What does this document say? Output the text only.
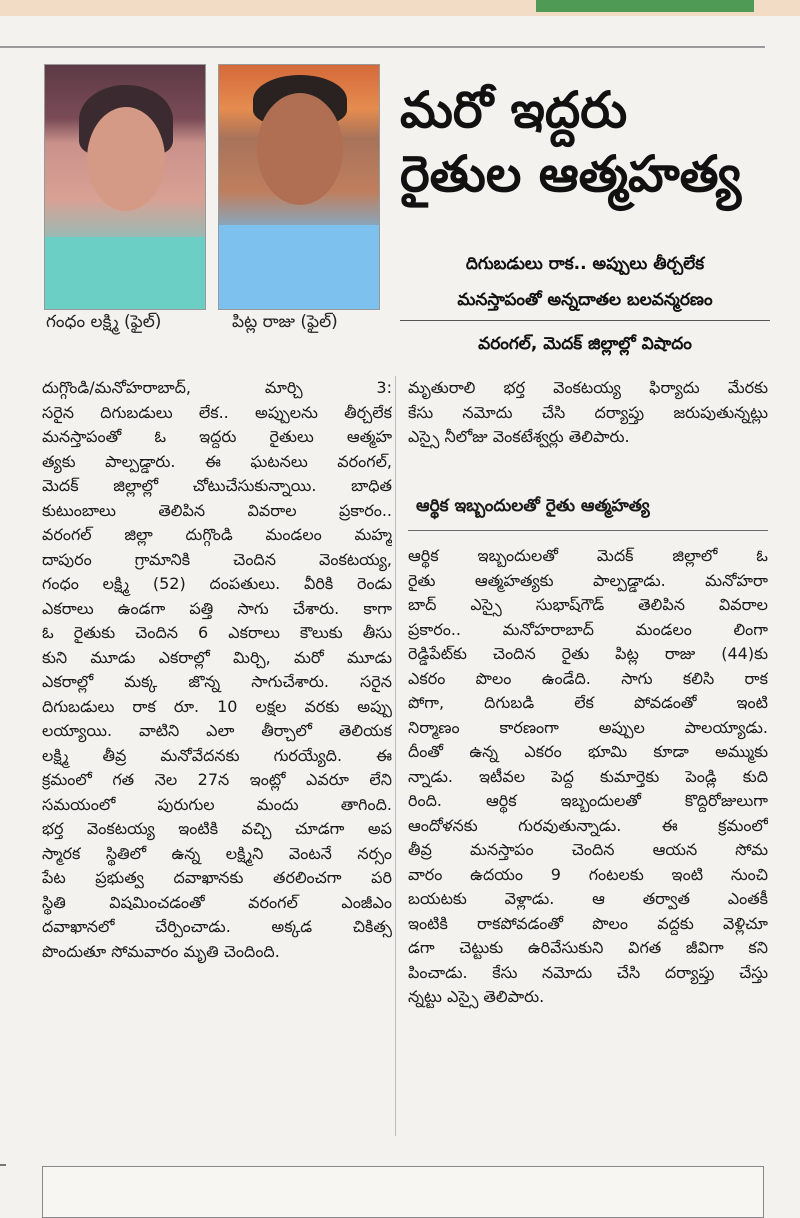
గంధం లక్ష్మి (ఫైల్)	పిట్ల రాజు (ఫైల్)
మరో ఇద్దరు
రైతుల ఆత్మహత్య
దిగుబడులు రాక.. అప్పులు తీర్చలేక
మనస్తాపంతో అన్నదాతల బలవన్మరణం
వరంగల్, మెదక్ జిల్లాల్లో విషాదం
దుగ్గొండి/మనోహరాబాద్, మార్చి 3:
సరైన దిగుబడులు లేక.. అప్పులను తీర్చలేక
మనస్తాపంతో ఓ ఇద్దరు రైతులు ఆత్మహ
త్యకు పాల్పడ్డారు. ఈ ఘటనలు వరంగల్,
మెదక్ జిల్లాల్లో చోటుచేసుకున్నాయి. బాధిత
కుటుంబాలు తెలిపిన వివరాల ప్రకారం..
వరంగల్ జిల్లా దుగ్గొండి మండలం మహ్మ
దాపురం గ్రామానికి చెందిన వెంకటయ్య,
గంధం లక్ష్మి (52) దంపతులు. వీరికి రెండు
ఎకరాలు ఉండగా పత్తి సాగు చేశారు. కాగా
ఓ రైతుకు చెందిన 6 ఎకరాలు కౌలుకు తీసు
కుని మూడు ఎకరాల్లో మిర్చి, మరో మూడు
ఎకరాల్లో మక్క జొన్న సాగుచేశారు. సరైన
దిగుబడులు రాక రూ. 10 లక్షల వరకు అప్పు
లయ్యాయి. వాటిని ఎలా తీర్చాలో తెలియక
లక్ష్మి తీవ్ర మనోవేదనకు గురయ్యేది. ఈ
క్రమంలో గత నెల 27న ఇంట్లో ఎవరూ లేని
సమయంలో పురుగుల మందు తాగింది.
భర్త వెంకటయ్య ఇంటికి వచ్చి చూడగా అప
స్మారక స్థితిలో ఉన్న లక్ష్మిని వెంటనే నర్సం
పేట ప్రభుత్వ దవాఖానకు తరలించగా పరి
స్థితి విషమించడంతో వరంగల్ ఎంజీఎం
దవాఖానలో చేర్పించాడు. అక్కడ చికిత్స
పొందుతూ సోమవారం మృతి చెందింది.
మృతురాలి భర్త వెంకటయ్య ఫిర్యాదు మేరకు
కేసు నమోదు చేసి దర్యాప్తు జరుపుతున్నట్లు
ఎస్సై నీలోజు వెంకటేశ్వర్లు తెలిపారు.
ఆర్థిక ఇబ్బందులతో రైతు ఆత్మహత్య
ఆర్థిక ఇబ్బందులతో మెదక్ జిల్లాలో ఓ
రైతు ఆత్మహత్యకు పాల్పడ్డాడు. మనోహరా
బాద్ ఎస్సై సుభాష్‌గౌడ్ తెలిపిన వివరాల
ప్రకారం.. మనోహరాబాద్ మండలం లింగా
రెడ్డిపేట్‌కు చెందిన రైతు పిట్ల రాజు (44)కు
ఎకరం పొలం ఉండేది. సాగు కలిసి రాక
పోగా, దిగుబడి లేక పోవడంతో ఇంటి
నిర్మాణం కారణంగా అప్పుల పాలయ్యాడు.
దీంతో ఉన్న ఎకరం భూమి కూడా అమ్ముకు
న్నాడు. ఇటీవల పెద్ద కుమార్తెకు పెండ్లి కుది
రింది. ఆర్థిక ఇబ్బందులతో కొద్దిరోజులుగా
ఆందోళనకు గురవుతున్నాడు. ఈ క్రమంలో
తీవ్ర మనస్తాపం చెందిన ఆయన సోమ
వారం ఉదయం 9 గంటలకు ఇంటి నుంచి
బయటకు వెళ్లాడు. ఆ తర్వాత ఎంతకీ
ఇంటికి రాకపోవడంతో పొలం వద్దకు వెళ్లిచూ
డగా చెట్టుకు ఉరివేసుకుని విగత జీవిగా కని
పించాడు. కేసు నమోదు చేసి దర్యాప్తు చేస్తు
న్నట్టు ఎస్సై తెలిపారు.
